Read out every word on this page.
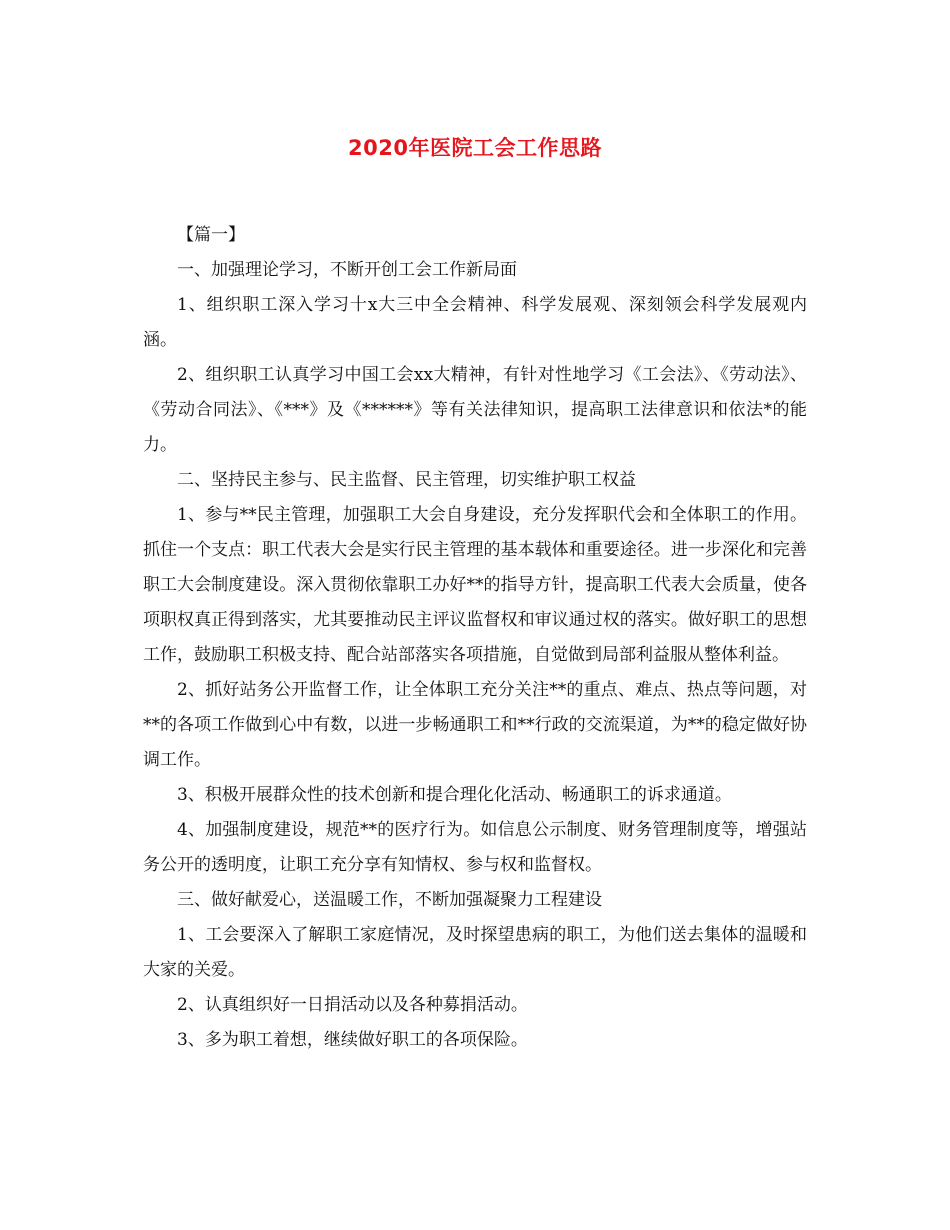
2020年医院工会工作思路

【篇一】

一、加强理论学习，不断开创工会工作新局面

1、组织职工深入学习十x大三中全会精神、科学发展观、深刻领会科学发展观内涵。

2、组织职工认真学习中国工会xx大精神，有针对性地学习《工会法》、《劳动法》、《劳动合同法》、《***》及《******》等有关法律知识，提高职工法律意识和依法*的能力。

二、坚持民主参与、民主监督、民主管理，切实维护职工权益

1、参与**民主管理，加强职工大会自身建设，充分发挥职代会和全体职工的作用。抓住一个支点：职工代表大会是实行民主管理的基本载体和重要途径。进一步深化和完善职工大会制度建设。深入贯彻依靠职工办好**的指导方针，提高职工代表大会质量，使各项职权真正得到落实，尤其要推动民主评议监督权和审议通过权的落实。做好职工的思想工作，鼓励职工积极支持、配合站部落实各项措施，自觉做到局部利益服从整体利益。

2、抓好站务公开监督工作，让全体职工充分关注**的重点、难点、热点等问题，对**的各项工作做到心中有数，以进一步畅通职工和**行政的交流渠道，为**的稳定做好协调工作。

3、积极开展群众性的技术创新和提合理化化活动、畅通职工的诉求通道。

4、加强制度建设，规范**的医疗行为。如信息公示制度、财务管理制度等，增强站务公开的透明度，让职工充分享有知情权、参与权和监督权。

三、做好献爱心，送温暖工作，不断加强凝聚力工程建设

1、工会要深入了解职工家庭情况，及时探望患病的职工，为他们送去集体的温暖和大家的关爱。

2、认真组织好一日捐活动以及各种募捐活动。

3、多为职工着想，继续做好职工的各项保险。
